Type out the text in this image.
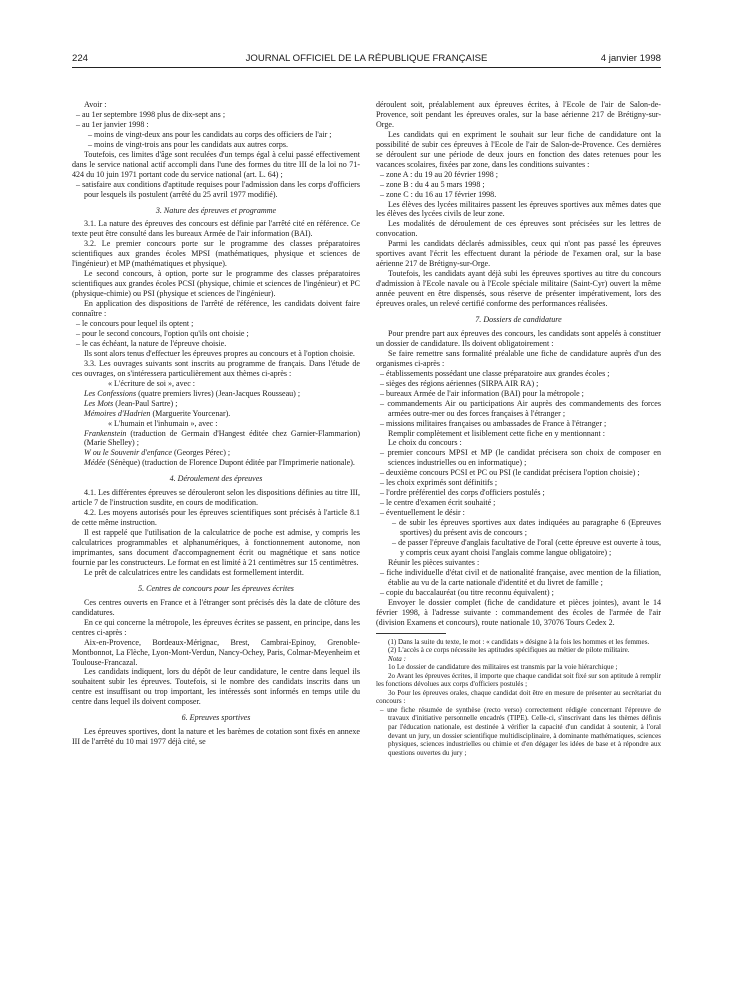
224	JOURNAL OFFICIEL DE LA RÉPUBLIQUE FRANÇAISE	4 janvier 1998

Avoir :

– au 1er septembre 1998 plus de dix-sept ans ;

– au 1er janvier 1998 :

– moins de vingt-deux ans pour les candidats au corps des officiers de l'air ;

– moins de vingt-trois ans pour les candidats aux autres corps.

Toutefois, ces limites d'âge sont reculées d'un temps égal à celui passé effectivement dans le service national actif accompli dans l'une des formes du titre III de la loi no 71-424 du 10 juin 1971 portant code du service national (art. L. 64) ;

– satisfaire aux conditions d'aptitude requises pour l'admission dans les corps d'officiers pour lesquels ils postulent (arrêté du 25 avril 1977 modifié).

3. Nature des épreuves et programme

3.1. La nature des épreuves des concours est définie par l'arrêté cité en référence. Ce texte peut être consulté dans les bureaux Armée de l'air information (BAI).

3.2. Le premier concours porte sur le programme des classes préparatoires scientifiques aux grandes écoles MPSI (mathématiques, physique et sciences de l'ingénieur) et MP (mathématiques et physique).

Le second concours, à option, porte sur le programme des classes préparatoires scientifiques aux grandes écoles PCSI (physique, chimie et sciences de l'ingénieur) et PC (physique-chimie) ou PSI (physique et sciences de l'ingénieur).

En application des dispositions de l'arrêté de référence, les candidats doivent faire connaître :

– le concours pour lequel ils optent ;

– pour le second concours, l'option qu'ils ont choisie ;

– le cas échéant, la nature de l'épreuve choisie.

Ils sont alors tenus d'effectuer les épreuves propres au concours et à l'option choisie.

3.3. Les ouvrages suivants sont inscrits au programme de français. Dans l'étude de ces ouvrages, on s'intéressera particulièrement aux thèmes ci-après :

« L'écriture de soi », avec :

Les Confessions (quatre premiers livres) (Jean-Jacques Rousseau) ;

Les Mots (Jean-Paul Sartre) ;

Mémoires d'Hadrien (Marguerite Yourcenar).

« L'humain et l'inhumain », avec :

Frankenstein (traduction de Germain d'Hangest éditée chez Garnier-Flammarion) (Marie Shelley) ;

W ou le Souvenir d'enfance (Georges Pérec) ;

Médée (Sénèque) (traduction de Florence Dupont éditée par l'Imprimerie nationale).

4. Déroulement des épreuves

4.1. Les différentes épreuves se dérouleront selon les dispositions définies au titre III, article 7 de l'instruction susdite, en cours de modification.

4.2. Les moyens autorisés pour les épreuves scientifiques sont précisés à l'article 8.1 de cette même instruction.

Il est rappelé que l'utilisation de la calculatrice de poche est admise, y compris les calculatrices programmables et alphanumériques, à fonctionnement autonome, non imprimantes, sans document d'accompagnement écrit ou magnétique et sans notice fournie par les constructeurs. Le format en est limité à 21 centimètres sur 15 centimètres.

Le prêt de calculatrices entre les candidats est formellement interdit.

5. Centres de concours pour les épreuves écrites

Ces centres ouverts en France et à l'étranger sont précisés dès la date de clôture des candidatures.

En ce qui concerne la métropole, les épreuves écrites se passent, en principe, dans les centres ci-après :

Aix-en-Provence, Bordeaux-Mérignac, Brest, Cambrai-Epinoy, Grenoble-Montbonnot, La Flèche, Lyon-Mont-Verdun, Nancy-Ochey, Paris, Colmar-Meyenheim et Toulouse-Francazal.

Les candidats indiquent, lors du dépôt de leur candidature, le centre dans lequel ils souhaitent subir les épreuves. Toutefois, si le nombre des candidats inscrits dans un centre est insuffisant ou trop important, les intéressés sont informés en temps utile du centre dans lequel ils doivent composer.

6. Epreuves sportives

Les épreuves sportives, dont la nature et les barèmes de cotation sont fixés en annexe III de l'arrêté du 10 mai 1977 déjà cité, se

déroulent soit, préalablement aux épreuves écrites, à l'Ecole de l'air de Salon-de-Provence, soit pendant les épreuves orales, sur la base aérienne 217 de Brétigny-sur-Orge.

Les candidats qui en expriment le souhait sur leur fiche de candidature ont la possibilité de subir ces épreuves à l'Ecole de l'air de Salon-de-Provence. Ces dernières se déroulent sur une période de deux jours en fonction des dates retenues pour les vacances scolaires, fixées par zone, dans les conditions suivantes :

– zone A : du 19 au 20 février 1998 ;

– zone B : du 4 au 5 mars 1998 ;

– zone C : du 16 au 17 février 1998.

Les élèves des lycées militaires passent les épreuves sportives aux mêmes dates que les élèves des lycées civils de leur zone.

Les modalités de déroulement de ces épreuves sont précisées sur les lettres de convocation.

Parmi les candidats déclarés admissibles, ceux qui n'ont pas passé les épreuves sportives avant l'écrit les effectuent durant la période de l'examen oral, sur la base aérienne 217 de Brétigny-sur-Orge.

Toutefois, les candidats ayant déjà subi les épreuves sportives au titre du concours d'admission à l'Ecole navale ou à l'Ecole spéciale militaire (Saint-Cyr) ouvert la même année peuvent en être dispensés, sous réserve de présenter impérativement, lors des épreuves orales, un relevé certifié conforme des performances réalisées.

7. Dossiers de candidature

Pour prendre part aux épreuves des concours, les candidats sont appelés à constituer un dossier de candidature. Ils doivent obligatoirement :

Se faire remettre sans formalité préalable une fiche de candidature auprès d'un des organismes ci-après :

– établissements possédant une classe préparatoire aux grandes écoles ;

– sièges des régions aériennes (SIRPA AIR RA) ;

– bureaux Armée de l'air information (BAI) pour la métropole ;

– commandements Air ou participations Air auprès des commandements des forces armées outre-mer ou des forces françaises à l'étranger ;

– missions militaires françaises ou ambassades de France à l'étranger ;

Remplir complètement et lisiblement cette fiche en y mentionnant :

Le choix du concours :

– premier concours MPSI et MP (le candidat précisera son choix de composer en sciences industrielles ou en informatique) ;

– deuxième concours PCSI et PC ou PSI (le candidat précisera l'option choisie) ;

– les choix exprimés sont définitifs ;

– l'ordre préférentiel des corps d'officiers postulés ;

– le centre d'examen écrit souhaité ;

– éventuellement le désir :

– de subir les épreuves sportives aux dates indiquées au paragraphe 6 (Epreuves sportives) du présent avis de concours ;

– de passer l'épreuve d'anglais facultative de l'oral (cette épreuve est ouverte à tous, y compris ceux ayant choisi l'anglais comme langue obligatoire) ;

Réunir les pièces suivantes :

– fiche individuelle d'état civil et de nationalité française, avec mention de la filiation, établie au vu de la carte nationale d'identité et du livret de famille ;

– copie du baccalauréat (ou titre reconnu équivalent) ;

Envoyer le dossier complet (fiche de candidature et pièces jointes), avant le 14 février 1998, à l'adresse suivante : commandement des écoles de l'armée de l'air (division Examens et concours), route nationale 10, 37076 Tours Cedex 2.

(1) Dans la suite du texte, le mot : « candidats » désigne à la fois les hommes et les femmes.

(2) L'accès à ce corps nécessite les aptitudes spécifiques au métier de pilote militaire.

Nota :

1o Le dossier de candidature des militaires est transmis par la voie hiérarchique ;

2o Avant les épreuves écrites, il importe que chaque candidat soit fixé sur son aptitude à remplir les fonctions dévolues aux corps d'officiers postulés ;

3o Pour les épreuves orales, chaque candidat doit être en mesure de présenter au secrétariat du concours :

– une fiche résumée de synthèse (recto verso) correctement rédigée concernant l'épreuve de travaux d'initiative personnelle encadrés (TIPE). Celle-ci, s'inscrivant dans les thèmes définis par l'éducation nationale, est destinée à vérifier la capacité d'un candidat à soutenir, à l'oral devant un jury, un dossier scientifique multidisciplinaire, à dominante mathématiques, sciences physiques, sciences industrielles ou chimie et d'en dégager les idées de base et à répondre aux questions ouvertes du jury ;
